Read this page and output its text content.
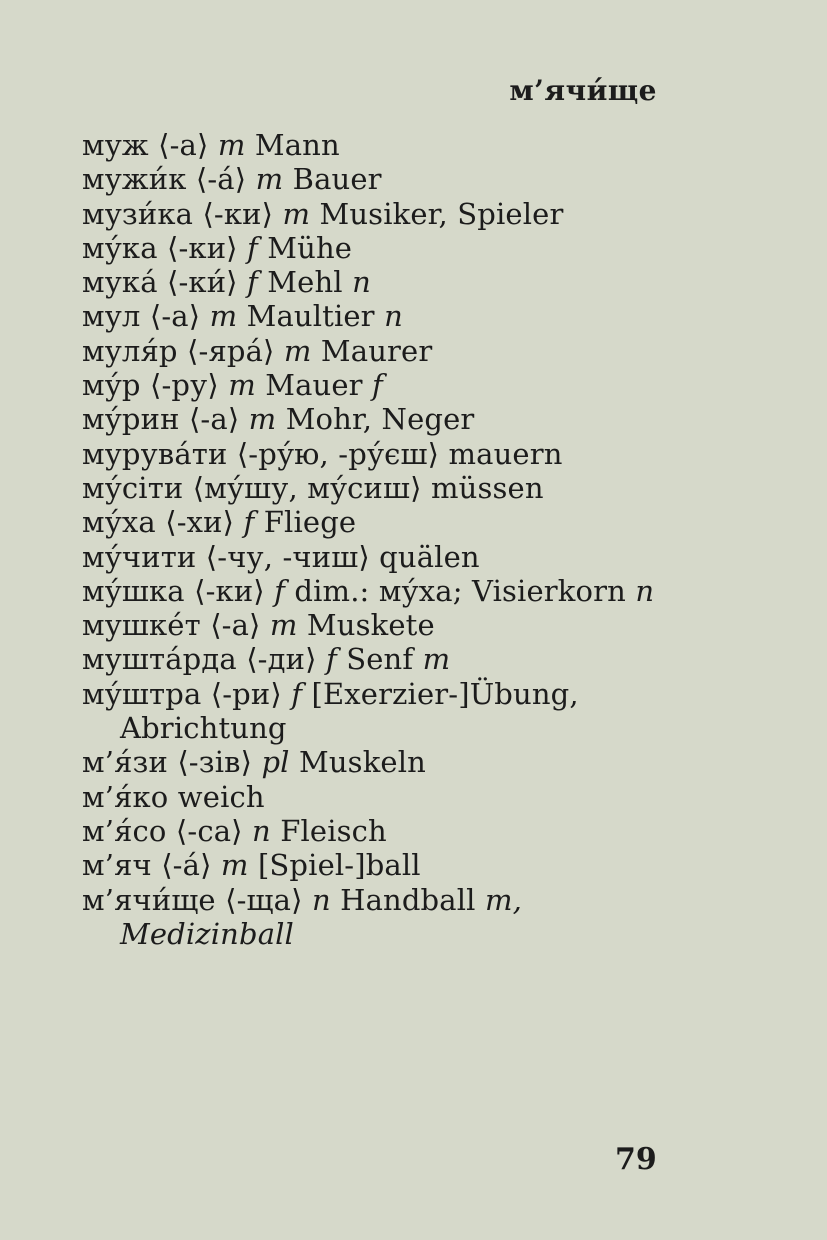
м’ячи́ще
муж ⟨-а⟩ m Mann
мужи́к ⟨-а́⟩ m Bauer
музи́ка ⟨-ки⟩ m Musiker, Spieler
му́ка ⟨-ки⟩ f Mühe
мука́ ⟨-ки́⟩ f Mehl n
мул ⟨-а⟩ m Maultier n
муля́р ⟨-яра́⟩ m Maurer
му́р ⟨-ру⟩ m Mauer f
му́рин ⟨-а⟩ m Mohr, Neger
мурува́ти ⟨-ру́ю, -ру́єш⟩ mauern
му́сіти ⟨му́шу, му́сиш⟩ müssen
му́ха ⟨-хи⟩ f Fliege
му́чити ⟨-чу, -чиш⟩ quälen
му́шка ⟨-ки⟩ f dim.: му́ха; Visierkorn n
мушке́т ⟨-а⟩ m Muskete
мушта́рда ⟨-ди⟩ f Senf m
му́штра ⟨-ри⟩ f [Exerzier-]Übung, Abrichtung
м’я́зи ⟨-зів⟩ pl Muskeln
м’я́ко weich
м’я́со ⟨-са⟩ n Fleisch
м’яч ⟨-а́⟩ m [Spiel-]ball
м’ячи́ще ⟨-ща⟩ n Handball m, Medizinball
79
